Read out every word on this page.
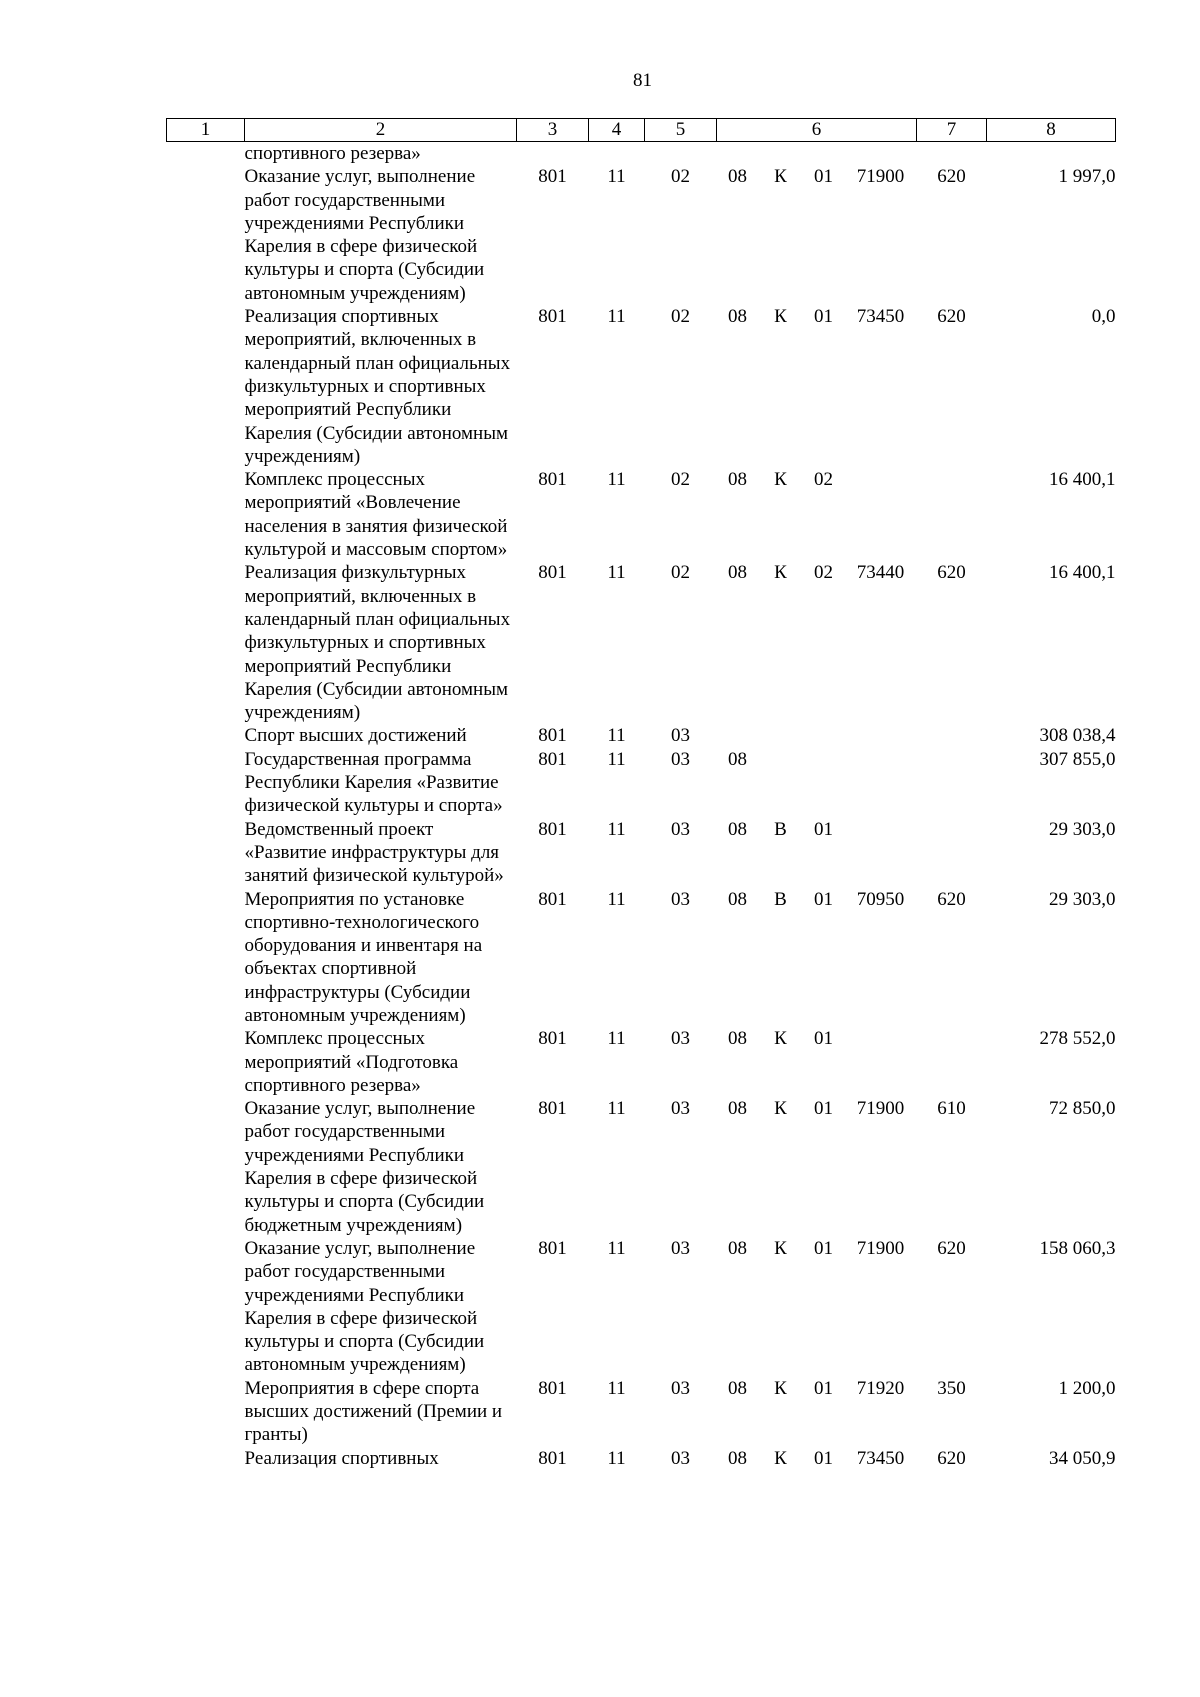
81
1	2	3	4	5	6				7	8
	спортивного резерва»									
	Оказание услуг, выполнение работ государственными учреждениями Республики Карелия в сфере физической культуры и спорта (Субсидии автономным учреждениям)	801	11	02	08	К	01	71900	620	1 997,0
	Реализация спортивных мероприятий, включенных в календарный план официальных физкультурных и спортивных мероприятий Республики Карелия (Субсидии автономным учреждениям)	801	11	02	08	К	01	73450	620	0,0
	Комплекс процессных мероприятий «Вовлечение населения в занятия физической культурой и массовым спортом»	801	11	02	08	К	02			16 400,1
	Реализация физкультурных мероприятий, включенных в календарный план официальных физкультурных и спортивных мероприятий Республики Карелия (Субсидии автономным учреждениям)	801	11	02	08	К	02	73440	620	16 400,1
	Спорт высших достижений	801	11	03						308 038,4
	Государственная программа Республики Карелия «Развитие физической культуры и спорта»	801	11	03	08					307 855,0
	Ведомственный проект «Развитие инфраструктуры для занятий физической культурой»	801	11	03	08	В	01			29 303,0
	Мероприятия по установке спортивно-технологического оборудования и инвентаря на объектах спортивной инфраструктуры (Субсидии автономным учреждениям)	801	11	03	08	В	01	70950	620	29 303,0
	Комплекс процессных мероприятий «Подготовка спортивного резерва»	801	11	03	08	К	01			278 552,0
	Оказание услуг, выполнение работ государственными учреждениями Республики Карелия в сфере физической культуры и спорта (Субсидии бюджетным учреждениям)	801	11	03	08	К	01	71900	610	72 850,0
	Оказание услуг, выполнение работ государственными учреждениями Республики Карелия в сфере физической культуры и спорта (Субсидии автономным учреждениям)	801	11	03	08	К	01	71900	620	158 060,3
	Мероприятия в сфере спорта высших достижений (Премии и гранты)	801	11	03	08	К	01	71920	350	1 200,0
	Реализация спортивных	801	11	03	08	К	01	73450	620	34 050,9
